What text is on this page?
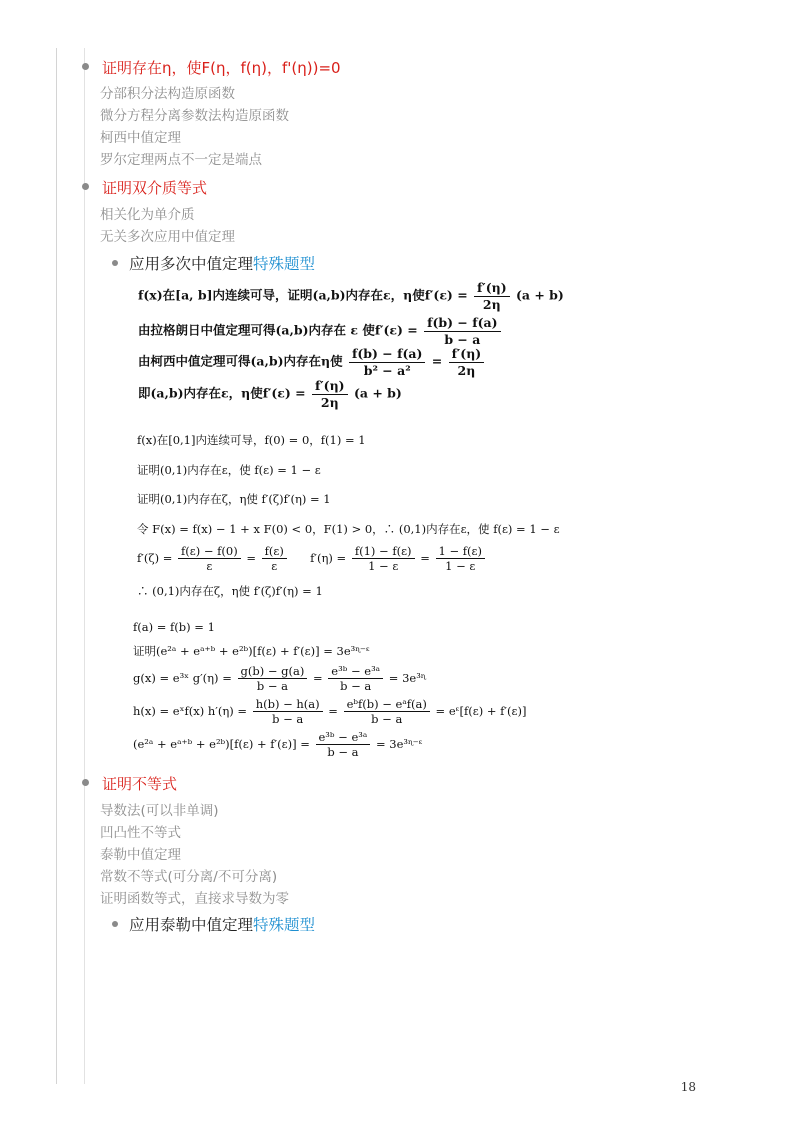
证明存在η，使F(η，f(η)，f'(η))=0
分部积分法构造原函数
微分方程分离参数法构造原函数
柯西中值定理
罗尔定理两点不一定是端点
证明双介质等式
相关化为单介质
无关多次应用中值定理
应用多次中值定理特殊题型
f(x)在[a, b]内连续可导，证明(a,b)内存在ε，η使$f'(\varepsilon) = \frac{f'(\eta)}{2\eta} (a + b)$
由拉格朗日中值定理可得(a,b)内存在 ε 使$f'(\varepsilon) = \frac{f(b) - f(a)}{b - a}$
由柯西中值定理可得(a,b)内存在η使 $\frac{f(b) - f(a)}{\text{b² − a²}} = \frac{f'(\eta)}{2\eta}$
即(a,b)内存在ε，η使$f'(\varepsilon) = \frac{f'(\eta)}{2\eta} (a + b)$
f(x)在[0,1]内连续可导，f(0) = 0，f(1) = 1
证明(0,1)内存在ε，使 f(ε) = 1 − ε
证明(0,1)内存在ζ，η使 f′(ζ)f′(η) = 1
令 F(x) = f(x) − 1 + x F(0) < 0，F(1) > 0，∴ (0,1)内存在ε，使 f(ε) = 1 − ε
$f'(\zeta) = \frac{f(\varepsilon) - f(0)}{\varepsilon} = \frac{f(\varepsilon)}{\varepsilon} f'(\eta) = \frac{f(1) - f(\varepsilon)}{1 - \varepsilon} = \frac{1 - f(\varepsilon)}{1 - \varepsilon}$
∴ (0,1)内存在ζ，η使 f′(ζ)f′(η) = 1
f(a) = f(b) = 1
证明(e²ᵃ + eᵃ⁺ᵇ + e²ᵇ)[f(ε) + f′(ε)] = 3e³ᶯ⁻ᵋ
g(x) = e³ˣ $g'(\eta) = \frac{g(b) - g(a)}{b - a} = \frac{\text{e³ᵇ − e³ᵃ}}{b - a}$ = 3e³ᶯ
h(x) = eˣf(x) $h'(\eta) = \frac{h(b) - h(a)}{b - a} = \frac{\text{eᵇf(b) − eᵃf(a)}}{b - a}$ = eᵋ[f(ε) + f′(ε)]
(e²ᵃ + eᵃ⁺ᵇ + e²ᵇ)[f(ε) + $f'(\varepsilon)] = \frac{\text{e³ᵇ − e³ᵃ}}{b - a}$ = 3e³ᶯ⁻ᵋ
证明不等式
导数法(可以非单调)
凹凸性不等式
泰勒中值定理
常数不等式(可分离/不可分离)
证明函数等式，直接求导数为零
应用泰勒中值定理特殊题型
18
